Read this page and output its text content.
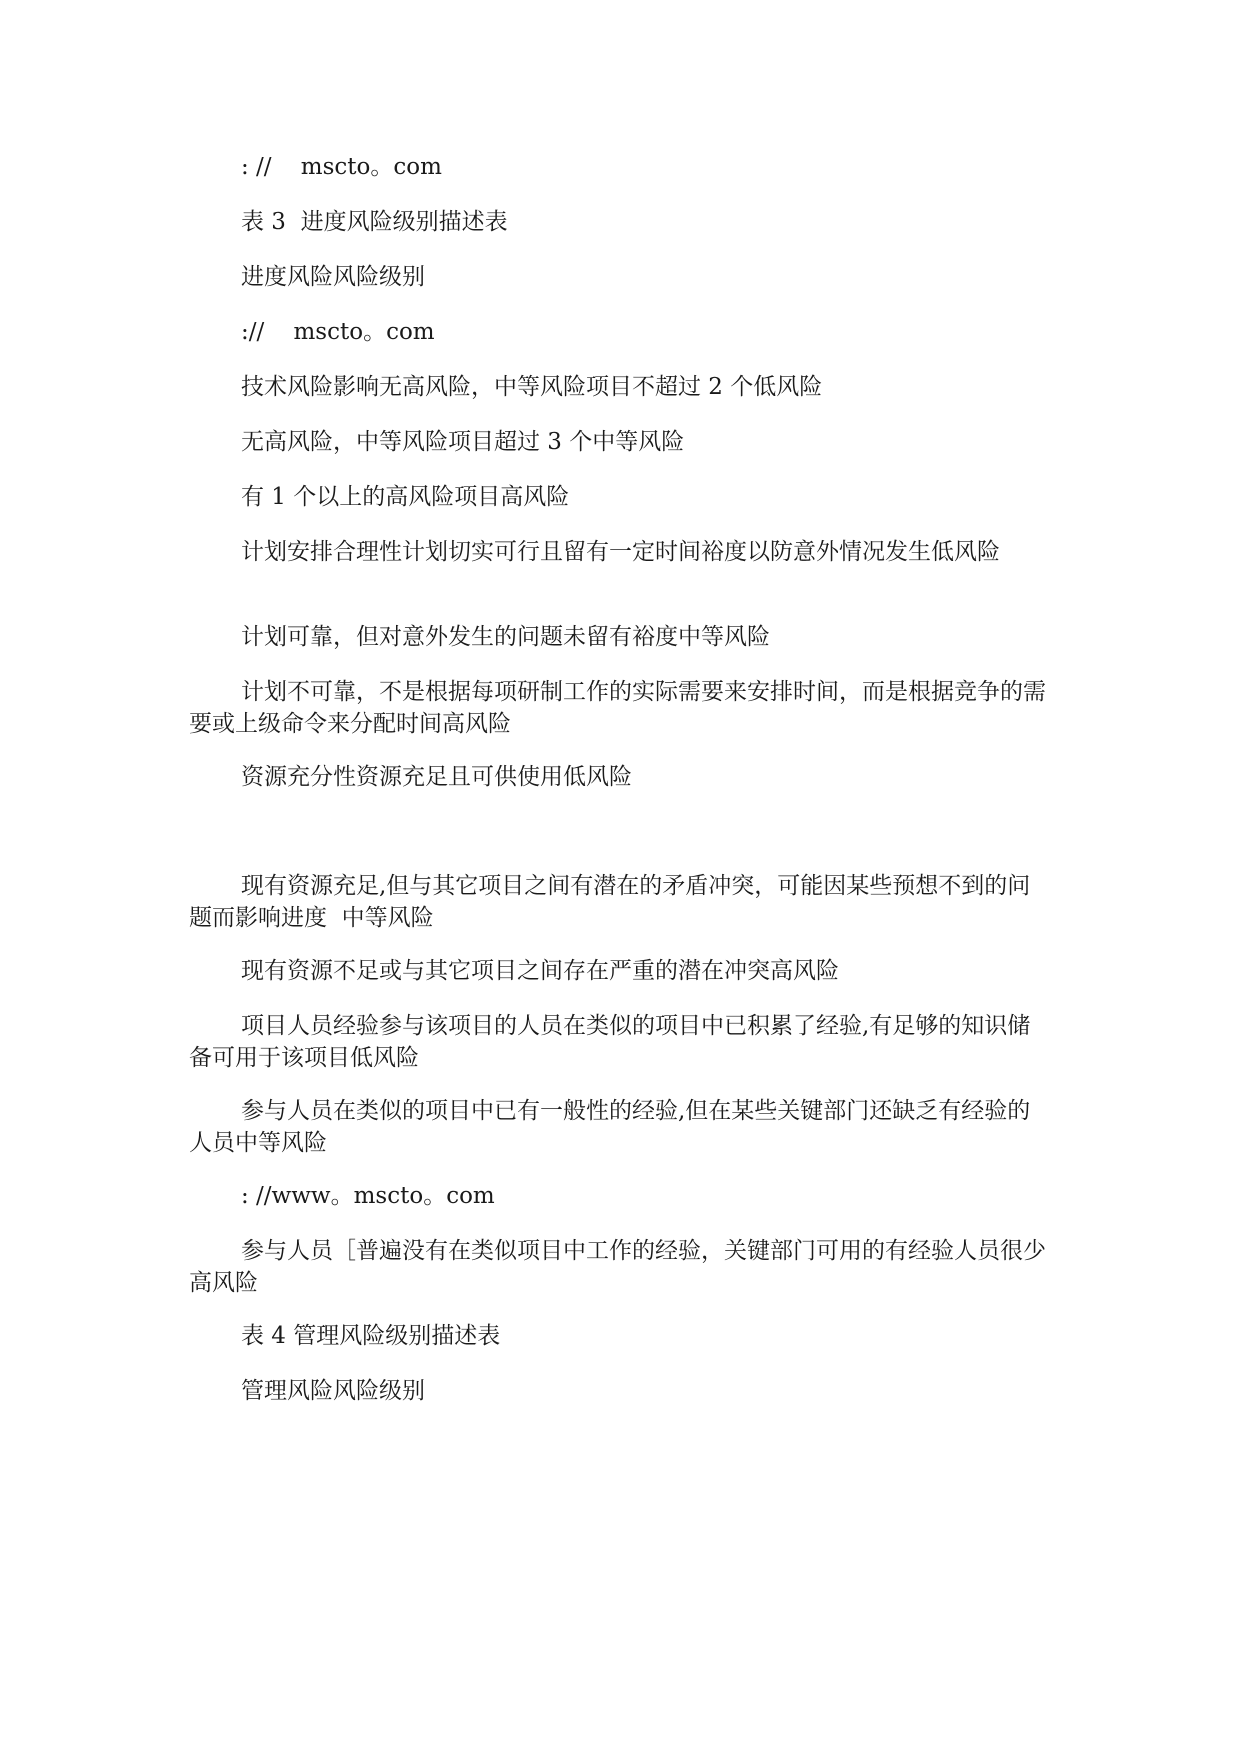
: //    mscto。com

表 3  进度风险级别描述表

进度风险风险级别

://    mscto。com

技术风险影响无高风险，中等风险项目不超过 2 个低风险

无高风险，中等风险项目超过 3 个中等风险

有 1 个以上的高风险项目高风险

计划安排合理性计划切实可行且留有一定时间裕度以防意外情况发生低风险

计划可靠，但对意外发生的问题未留有裕度中等风险

计划不可靠，不是根据每项研制工作的实际需要来安排时间，而是根据竞争的需要或上级命令来分配时间高风险

资源充分性资源充足且可供使用低风险

现有资源充足,但与其它项目之间有潜在的矛盾冲突，可能因某些预想不到的问题而影响进度  中等风险

现有资源不足或与其它项目之间存在严重的潜在冲突高风险

项目人员经验参与该项目的人员在类似的项目中已积累了经验,有足够的知识储备可用于该项目低风险

参与人员在类似的项目中已有一般性的经验,但在某些关键部门还缺乏有经验的人员中等风险

: //www。mscto。com

参与人员［普遍没有在类似项目中工作的经验，关键部门可用的有经验人员很少高风险

表 4 管理风险级别描述表

管理风险风险级别
